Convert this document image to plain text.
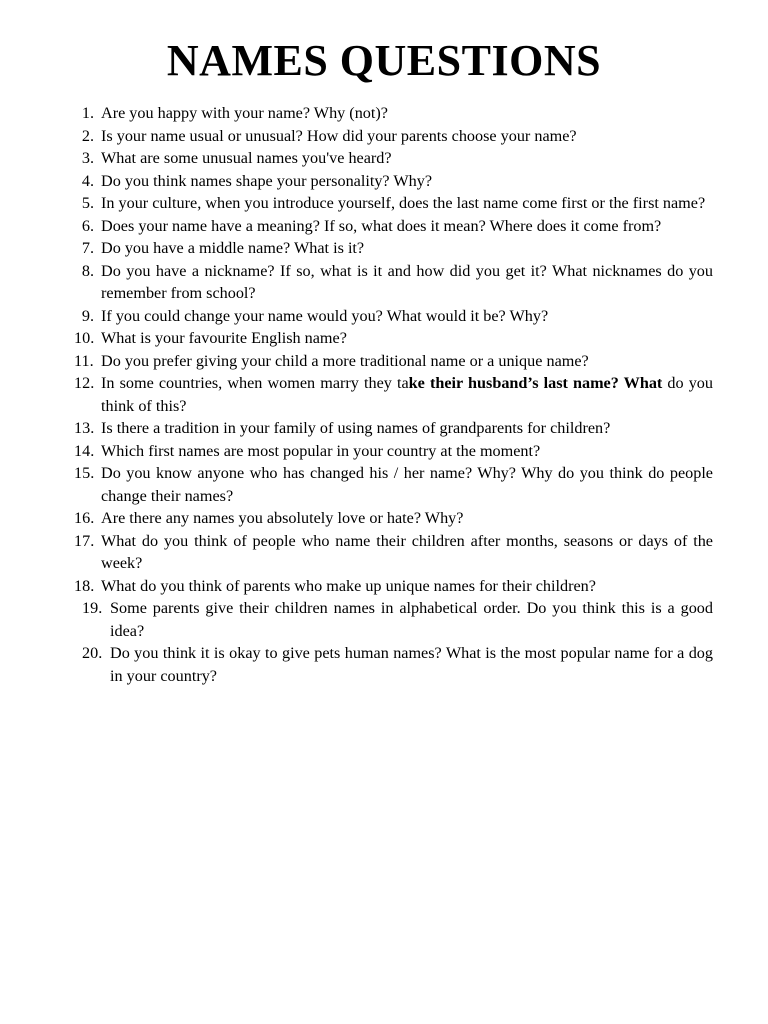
NAMES QUESTIONS
1. Are you happy with your name? Why (not)?
2. Is your name usual or unusual? How did your parents choose your name?
3. What are some unusual names you've heard?
4. Do you think names shape your personality? Why?
5. In your culture, when you introduce yourself, does the last name come first or the first name?
6. Does your name have a meaning? If so, what does it mean? Where does it come from?
7. Do you have a middle name? What is it?
8. Do you have a nickname? If so, what is it and how did you get it? What nicknames do you remember from school?
9. If you could change your name would you? What would it be? Why?
10. What is your favourite English name?
11. Do you prefer giving your child a more traditional name or a unique name?
12. In some countries, when women marry they take their husband’s last name? What do you think of this?
13. Is there a tradition in your family of using names of grandparents for children?
14. Which first names are most popular in your country at the moment?
15. Do you know anyone who has changed his / her name? Why? Why do you think do people change their names?
16. Are there any names you absolutely love or hate? Why?
17. What do you think of people who name their children after months, seasons or days of the week?
18. What do you think of parents who make up unique names for their children?
19. Some parents give their children names in alphabetical order. Do you think this is a good idea?
20. Do you think it is okay to give pets human names? What is the most popular name for a dog in your country?
